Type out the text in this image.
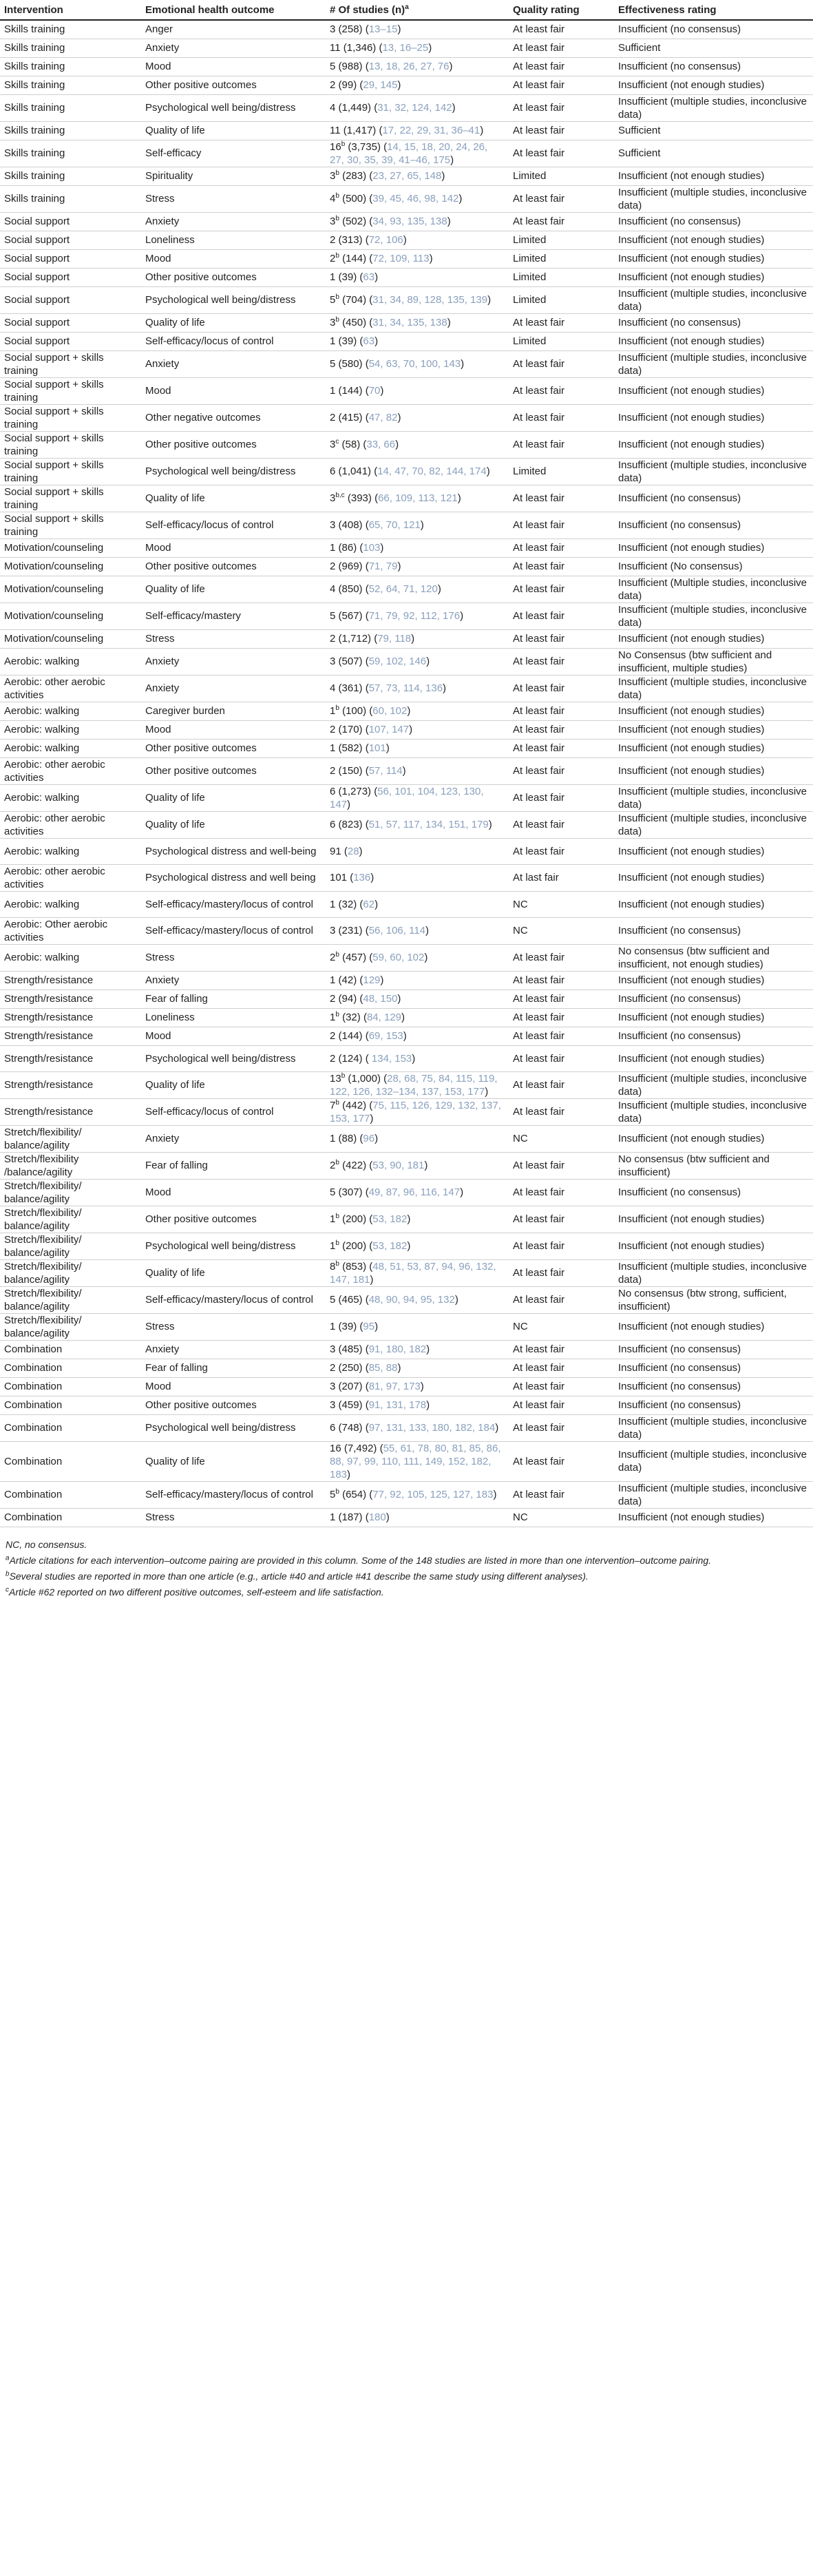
Intervention	Emotional health outcome	# Of studies $(n)^a$	Quality rating	Effectiveness rating
Skills training	Anger	3 (258) (13–15)	At least fair	Insufficient (no consensus)
Skills training	Anxiety	11 (1,346) (13, 16–25)	At least fair	Sufficient
Skills training	Mood	5 (988) (13, 18, 26, 27, 76)	At least fair	Insufficient (no consensus)
Skills training	Other positive outcomes	2 (99) (29, 145)	At least fair	Insufficient (not enough studies)
Skills training	Psychological well being/distress	4 (1,449) (31, 32, 124, 142)	At least fair	Insufficient (multiple studies, inconclusive data)
Skills training	Quality of life	11 (1,417) (17, 22, 29, 31, 36–41)	At least fair	Sufficient
Skills training	Self-efficacy	16$^b$ (3,735) (14, 15, 18, 20, 24, 26, 27, 30, 35, 39, 41–46, 175)	At least fair	Sufficient
Skills training	Spirituality	3$^b$ (283) (23, 27, 65, 148)	Limited	Insufficient (not enough studies)
Skills training	Stress	4$^b$ (500) (39, 45, 46, 98, 142)	At least fair	Insufficient (multiple studies, inconclusive data)
Social support	Anxiety	3$^b$ (502) (34, 93, 135, 138)	At least fair	Insufficient (no consensus)
Social support	Loneliness	2 (313) (72, 106)	Limited	Insufficient (not enough studies)
Social support	Mood	2$^b$ (144) (72, 109, 113)	Limited	Insufficient (not enough studies)
Social support	Other positive outcomes	1 (39) (63)	Limited	Insufficient (not enough studies)
Social support	Psychological well being/distress	5$^b$ (704) (31, 34, 89, 128, 135, 139)	Limited	Insufficient (multiple studies, inconclusive data)
Social support	Quality of life	3$^b$ (450) (31, 34, 135, 138)	At least fair	Insufficient (no consensus)
Social support	Self-efficacy/locus of control	1 (39) (63)	Limited	Insufficient (not enough studies)
Social support + skills training	Anxiety	5 (580) (54, 63, 70, 100, 143)	At least fair	Insufficient (multiple studies, inconclusive data)
Social support + skills training	Mood	1 (144) (70)	At least fair	Insufficient (not enough studies)
Social support + skills training	Other negative outcomes	2 (415) (47, 82)	At least fair	Insufficient (not enough studies)
Social support + skills training	Other positive outcomes	3$^c$ (58) (33, 66)	At least fair	Insufficient (not enough studies)
Social support + skills training	Psychological well being/distress	6 (1,041) (14, 47, 70, 82, 144, 174)	Limited	Insufficient (multiple studies, inconclusive data)
Social support + skills training	Quality of life	3$^{b,c}$ (393) (66, 109, 113, 121)	At least fair	Insufficient (no consensus)
Social support + skills training	Self-efficacy/locus of control	3 (408) (65, 70, 121)	At least fair	Insufficient (no consensus)
Motivation/counseling	Mood	1 (86) (103)	At least fair	Insufficient (not enough studies)
Motivation/counseling	Other positive outcomes	2 (969) (71, 79)	At least fair	Insufficient (No consensus)
Motivation/counseling	Quality of life	4 (850) (52, 64, 71, 120)	At least fair	Insufficient (Multiple studies, inconclusive data)
Motivation/counseling	Self-efficacy/mastery	5 (567) (71, 79, 92, 112, 176)	At least fair	Insufficient (multiple studies, inconclusive data)
Motivation/counseling	Stress	2 (1,712) (79, 118)	At least fair	Insufficient (not enough studies)
Aerobic: walking	Anxiety	3 (507) (59, 102, 146)	At least fair	No Consensus (btw sufficient and insufficient, multiple studies)
Aerobic: other aerobic activities	Anxiety	4 (361) (57, 73, 114, 136)	At least fair	Insufficient (multiple studies, inconclusive data)
Aerobic: walking	Caregiver burden	1$^b$ (100) (60, 102)	At least fair	Insufficient (not enough studies)
Aerobic: walking	Mood	2 (170) (107, 147)	At least fair	Insufficient (not enough studies)
Aerobic: walking	Other positive outcomes	1 (582) (101)	At least fair	Insufficient (not enough studies)
Aerobic: other aerobic activities	Other positive outcomes	2 (150) (57, 114)	At least fair	Insufficient (not enough studies)
Aerobic: walking	Quality of life	6 (1,273) (56, 101, 104, 123, 130, 147)	At least fair	Insufficient (multiple studies, inconclusive data)
Aerobic: other aerobic activities	Quality of life	6 (823) (51, 57, 117, 134, 151, 179)	At least fair	Insufficient (multiple studies, inconclusive data)
Aerobic: walking	Psychological distress and well-being	91 (28)	At least fair	Insufficient (not enough studies)
Aerobic: other aerobic activities	Psychological distress and well being	101 (136)	At last fair	Insufficient (not enough studies)
Aerobic: walking	Self-efficacy/mastery/locus of control	1 (32) (62)	NC	Insufficient (not enough studies)
Aerobic: Other aerobic activities	Self-efficacy/mastery/locus of control	3 (231) (56, 106, 114)	NC	Insufficient (no consensus)
Aerobic: walking	Stress	2$^b$ (457) (59, 60, 102)	At least fair	No consensus (btw sufficient and insufficient, not enough studies)
Strength/resistance	Anxiety	1 (42) (129)	At least fair	Insufficient (not enough studies)
Strength/resistance	Fear of falling	2 (94) (48, 150)	At least fair	Insufficient (no consensus)
Strength/resistance	Loneliness	1$^b$ (32) (84, 129)	At least fair	Insufficient (not enough studies)
Strength/resistance	Mood	2 (144) (69, 153)	At least fair	Insufficient (no consensus)
Strength/resistance	Psychological well being/distress	2 (124) ( 134, 153)	At least fair	Insufficient (not enough studies)
Strength/resistance	Quality of life	13$^b$ (1,000) (28, 68, 75, 84, 115, 119, 122, 126, 132–134, 137, 153, 177)	At least fair	Insufficient (multiple studies, inconclusive data)
Strength/resistance	Self-efficacy/locus of control	7$^b$ (442) (75, 115, 126, 129, 132, 137, 153, 177)	At least fair	Insufficient (multiple studies, inconclusive data)
Stretch/flexibility/ balance/agility	Anxiety	1 (88) (96)	NC	Insufficient (not enough studies)
Stretch/flexibility /balance/agility	Fear of falling	2$^b$ (422) (53, 90, 181)	At least fair	No consensus (btw sufficient and insufficient)
Stretch/flexibility/ balance/agility	Mood	5 (307) (49, 87, 96, 116, 147)	At least fair	Insufficient (no consensus)
Stretch/flexibility/ balance/agility	Other positive outcomes	1$^b$ (200) (53, 182)	At least fair	Insufficient (not enough studies)
Stretch/flexibility/ balance/agility	Psychological well being/distress	1$^b$ (200) (53, 182)	At least fair	Insufficient (not enough studies)
Stretch/flexibility/ balance/agility	Quality of life	8$^b$ (853) (48, 51, 53, 87, 94, 96, 132, 147, 181)	At least fair	Insufficient (multiple studies, inconclusive data)
Stretch/flexibility/ balance/agility	Self-efficacy/mastery/locus of control	5 (465) (48, 90, 94, 95, 132)	At least fair	No consensus (btw strong, sufficient, insufficient)
Stretch/flexibility/ balance/agility	Stress	1 (39) (95)	NC	Insufficient (not enough studies)
Combination	Anxiety	3 (485) (91, 180, 182)	At least fair	Insufficient (no consensus)
Combination	Fear of falling	2 (250) (85, 88)	At least fair	Insufficient (no consensus)
Combination	Mood	3 (207) (81, 97, 173)	At least fair	Insufficient (no consensus)
Combination	Other positive outcomes	3 (459) (91, 131, 178)	At least fair	Insufficient (no consensus)
Combination	Psychological well being/distress	6 (748) (97, 131, 133, 180, 182, 184)	At least fair	Insufficient (multiple studies, inconclusive data)
Combination	Quality of life	16 (7,492) (55, 61, 78, 80, 81, 85, 86, 88, 97, 99, 110, 111, 149, 152, 182, 183)	At least fair	Insufficient (multiple studies, inconclusive data)
Combination	Self-efficacy/mastery/locus of control	5$^b$ (654) (77, 92, 105, 125, 127, 183)	At least fair	Insufficient (multiple studies, inconclusive data)
Combination	Stress	1 (187) (180)	NC	Insufficient (not enough studies)
NC, no consensus.
$^a$Article citations for each intervention–outcome pairing are provided in this column. Some of the 148 studies are listed in more than one intervention–outcome pairing.
$^b$Several studies are reported in more than one article (e.g., article #40 and article #41 describe the same study using different analyses).
$^c$Article #62 reported on two different positive outcomes, self-esteem and life satisfaction.
